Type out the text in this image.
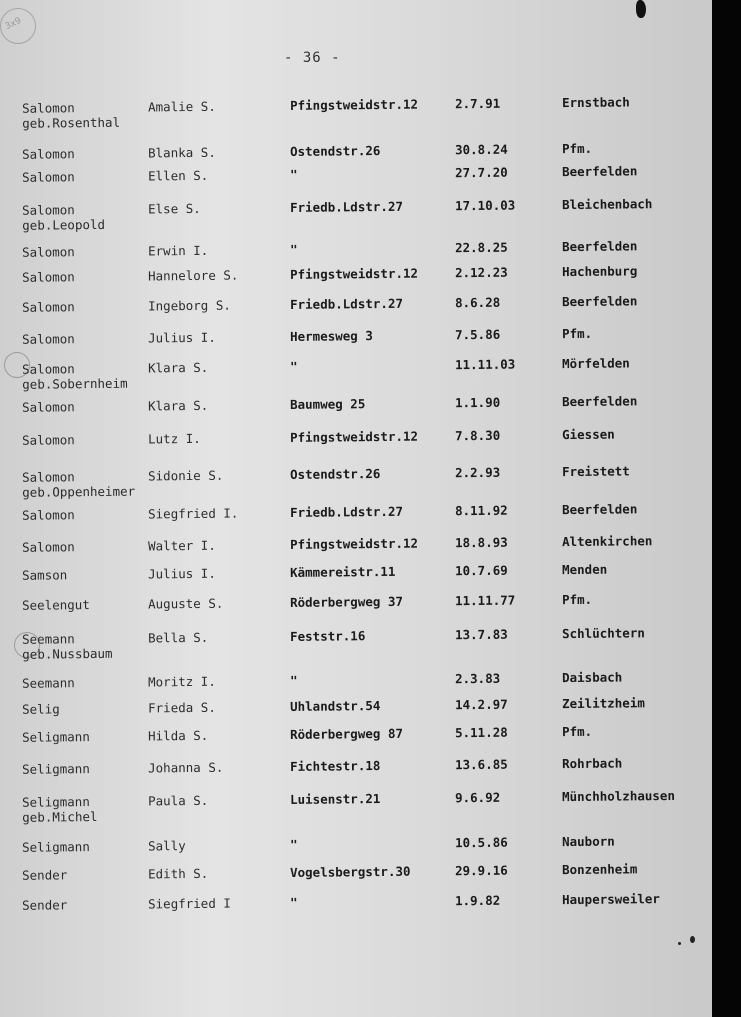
3x9
- 36 -
Salomon	Amalie S.	Pfingstweidstr.12	2.7.91	Ernstbach
geb.Rosenthal
Salomon	Blanka S.	Ostendstr.26	30.8.24	Pfm.
Salomon	Ellen S.	"	27.7.20	Beerfelden
Salomon	Else S.	Friedb.Ldstr.27	17.10.03	Bleichenbach
geb.Leopold
Salomon	Erwin I.	"	22.8.25	Beerfelden
Salomon	Hannelore S.	Pfingstweidstr.12	2.12.23	Hachenburg
Salomon	Ingeborg S.	Friedb.Ldstr.27	8.6.28	Beerfelden
Salomon	Julius I.	Hermesweg 3	7.5.86	Pfm.
Salomon	Klara S.	"	11.11.03	Mörfelden
geb.Sobernheim
Salomon	Klara S.	Baumweg 25	1.1.90	Beerfelden
Salomon	Lutz I.	Pfingstweidstr.12	7.8.30	Giessen
Salomon	Sidonie S.	Ostendstr.26	2.2.93	Freistett
geb.Oppenheimer
Salomon	Siegfried I.	Friedb.Ldstr.27	8.11.92	Beerfelden
Salomon	Walter I.	Pfingstweidstr.12	18.8.93	Altenkirchen
Samson	Julius I.	Kämmereistr.11	10.7.69	Menden
Seelengut	Auguste S.	Röderbergweg 37	11.11.77	Pfm.
Seemann	Bella S.	Feststr.16	13.7.83	Schlüchtern
geb.Nussbaum
Seemann	Moritz I.	"	2.3.83	Daisbach
Selig	Frieda S.	Uhlandstr.54	14.2.97	Zeilitzheim
Seligmann	Hilda S.	Röderbergweg 87	5.11.28	Pfm.
Seligmann	Johanna S.	Fichtestr.18	13.6.85	Rohrbach
Seligmann	Paula S.	Luisenstr.21	9.6.92	Münchholzhausen
geb.Michel
Seligmann	Sally	"	10.5.86	Nauborn
Sender	Edith S.	Vogelsbergstr.30	29.9.16	Bonzenheim
Sender	Siegfried I	"	1.9.82	Haupersweiler
